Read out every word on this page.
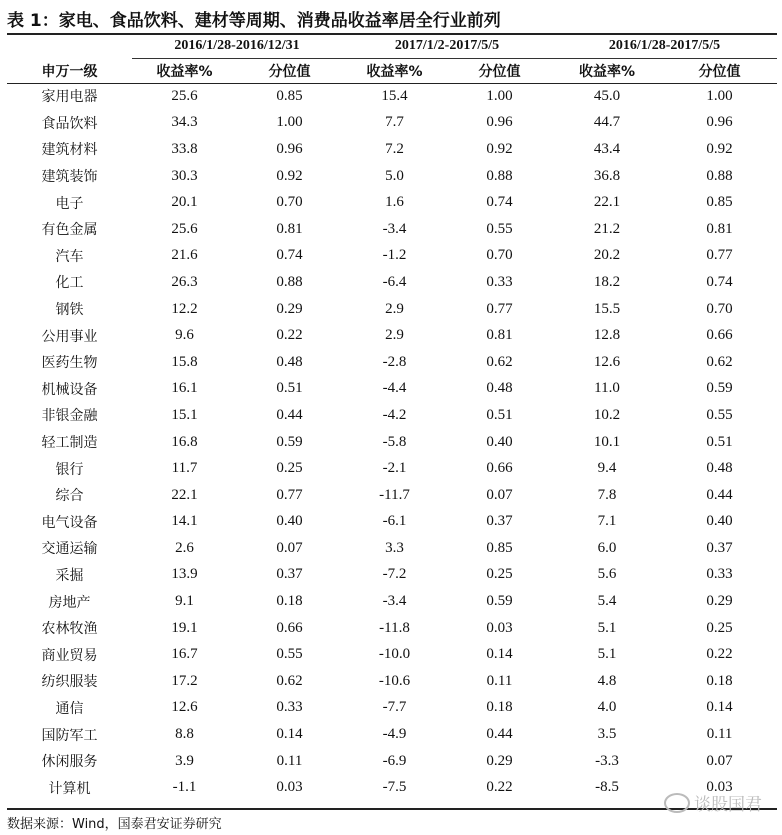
表 1：家电、食品饮料、建材等周期、消费品收益率居全行业前列
	2016/1/28-2016/12/31		2017/1/2-2017/5/5		2016/1/28-2017/5/5	
申万一级	收益率%	分位值	收益率%	分位值	收益率%	分位值
家用电器	25.6	0.85	15.4	1.00	45.0	1.00
食品饮料	34.3	1.00	7.7	0.96	44.7	0.96
建筑材料	33.8	0.96	7.2	0.92	43.4	0.92
建筑装饰	30.3	0.92	5.0	0.88	36.8	0.88
电子	20.1	0.70	1.6	0.74	22.1	0.85
有色金属	25.6	0.81	-3.4	0.55	21.2	0.81
汽车	21.6	0.74	-1.2	0.70	20.2	0.77
化工	26.3	0.88	-6.4	0.33	18.2	0.74
钢铁	12.2	0.29	2.9	0.77	15.5	0.70
公用事业	9.6	0.22	2.9	0.81	12.8	0.66
医药生物	15.8	0.48	-2.8	0.62	12.6	0.62
机械设备	16.1	0.51	-4.4	0.48	11.0	0.59
非银金融	15.1	0.44	-4.2	0.51	10.2	0.55
轻工制造	16.8	0.59	-5.8	0.40	10.1	0.51
银行	11.7	0.25	-2.1	0.66	9.4	0.48
综合	22.1	0.77	-11.7	0.07	7.8	0.44
电气设备	14.1	0.40	-6.1	0.37	7.1	0.40
交通运输	2.6	0.07	3.3	0.85	6.0	0.37
采掘	13.9	0.37	-7.2	0.25	5.6	0.33
房地产	9.1	0.18	-3.4	0.59	5.4	0.29
农林牧渔	19.1	0.66	-11.8	0.03	5.1	0.25
商业贸易	16.7	0.55	-10.0	0.14	5.1	0.22
纺织服装	17.2	0.62	-10.6	0.11	4.8	0.18
通信	12.6	0.33	-7.7	0.18	4.0	0.14
国防军工	8.8	0.14	-4.9	0.44	3.5	0.11
休闲服务	3.9	0.11	-6.9	0.29	-3.3	0.07
计算机	-1.1	0.03	-7.5	0.22	-8.5	0.03
数据来源：Wind，国泰君安证券研究
谈股国君
